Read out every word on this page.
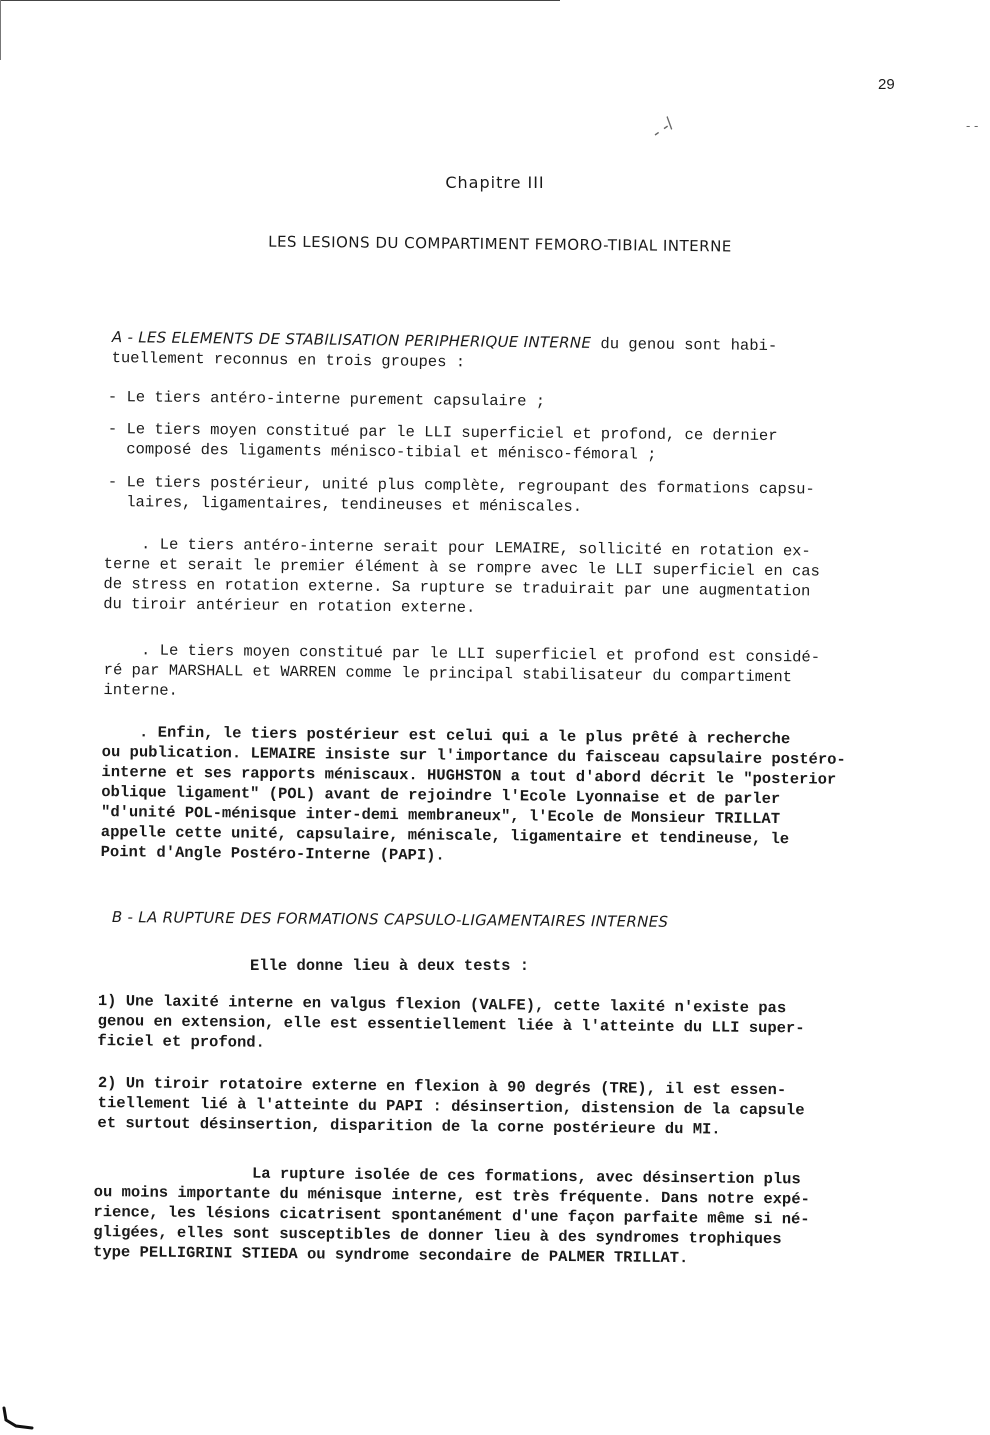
29
- -/	- -
Chapitre III
LES LESIONS DU COMPARTIMENT FEMORO-TIBIAL INTERNE
A - LES ELEMENTS DE STABILISATION PERIPHERIQUE INTERNE du genou sont habi-
tuellement reconnus en trois groupes :
- Le tiers antéro-interne purement capsulaire ;
- Le tiers moyen constitué par le LLI superficiel et profond, ce dernier
composé des ligaments ménisco-tibial et ménisco-fémoral ;
- Le tiers postérieur, unité plus complète, regroupant des formations capsu-
laires, ligamentaires, tendineuses et méniscales.
. Le tiers antéro-interne serait pour LEMAIRE, sollicité en rotation ex-
terne et serait le premier élément à se rompre avec le LLI superficiel en cas
de stress en rotation externe. Sa rupture se traduirait par une augmentation
du tiroir antérieur en rotation externe.
. Le tiers moyen constitué par le LLI superficiel et profond est considé-
ré par MARSHALL et WARREN comme le principal stabilisateur du compartiment
interne.
. Enfin, le tiers postérieur est celui qui a le plus prêté à recherche
ou publication. LEMAIRE insiste sur l'importance du faisceau capsulaire postéro-
interne et ses rapports méniscaux. HUGHSTON a tout d'abord décrit le "posterior
oblique ligament" (POL) avant de rejoindre l'Ecole Lyonnaise et de parler
"d'unité POL-ménisque inter-demi membraneux", l'Ecole de Monsieur TRILLAT
appelle cette unité, capsulaire, méniscale, ligamentaire et tendineuse, le
Point d'Angle Postéro-Interne (PAPI).
B - LA RUPTURE DES FORMATIONS CAPSULO-LIGAMENTAIRES INTERNES
Elle donne lieu à deux tests :
1) Une laxité interne en valgus flexion (VALFE), cette laxité n'existe pas
genou en extension, elle est essentiellement liée à l'atteinte du LLI super-
ficiel et profond.
2) Un tiroir rotatoire externe en flexion à 90 degrés (TRE), il est essen-
tiellement lié à l'atteinte du PAPI : désinsertion, distension de la capsule
et surtout désinsertion, disparition de la corne postérieure du MI.
La rupture isolée de ces formations, avec désinsertion plus
ou moins importante du ménisque interne, est très fréquente. Dans notre expé-
rience, les lésions cicatrisent spontanément d'une façon parfaite même si né-
gligées, elles sont susceptibles de donner lieu à des syndromes trophiques
type PELLIGRINI STIEDA ou syndrome secondaire de PALMER TRILLAT.
